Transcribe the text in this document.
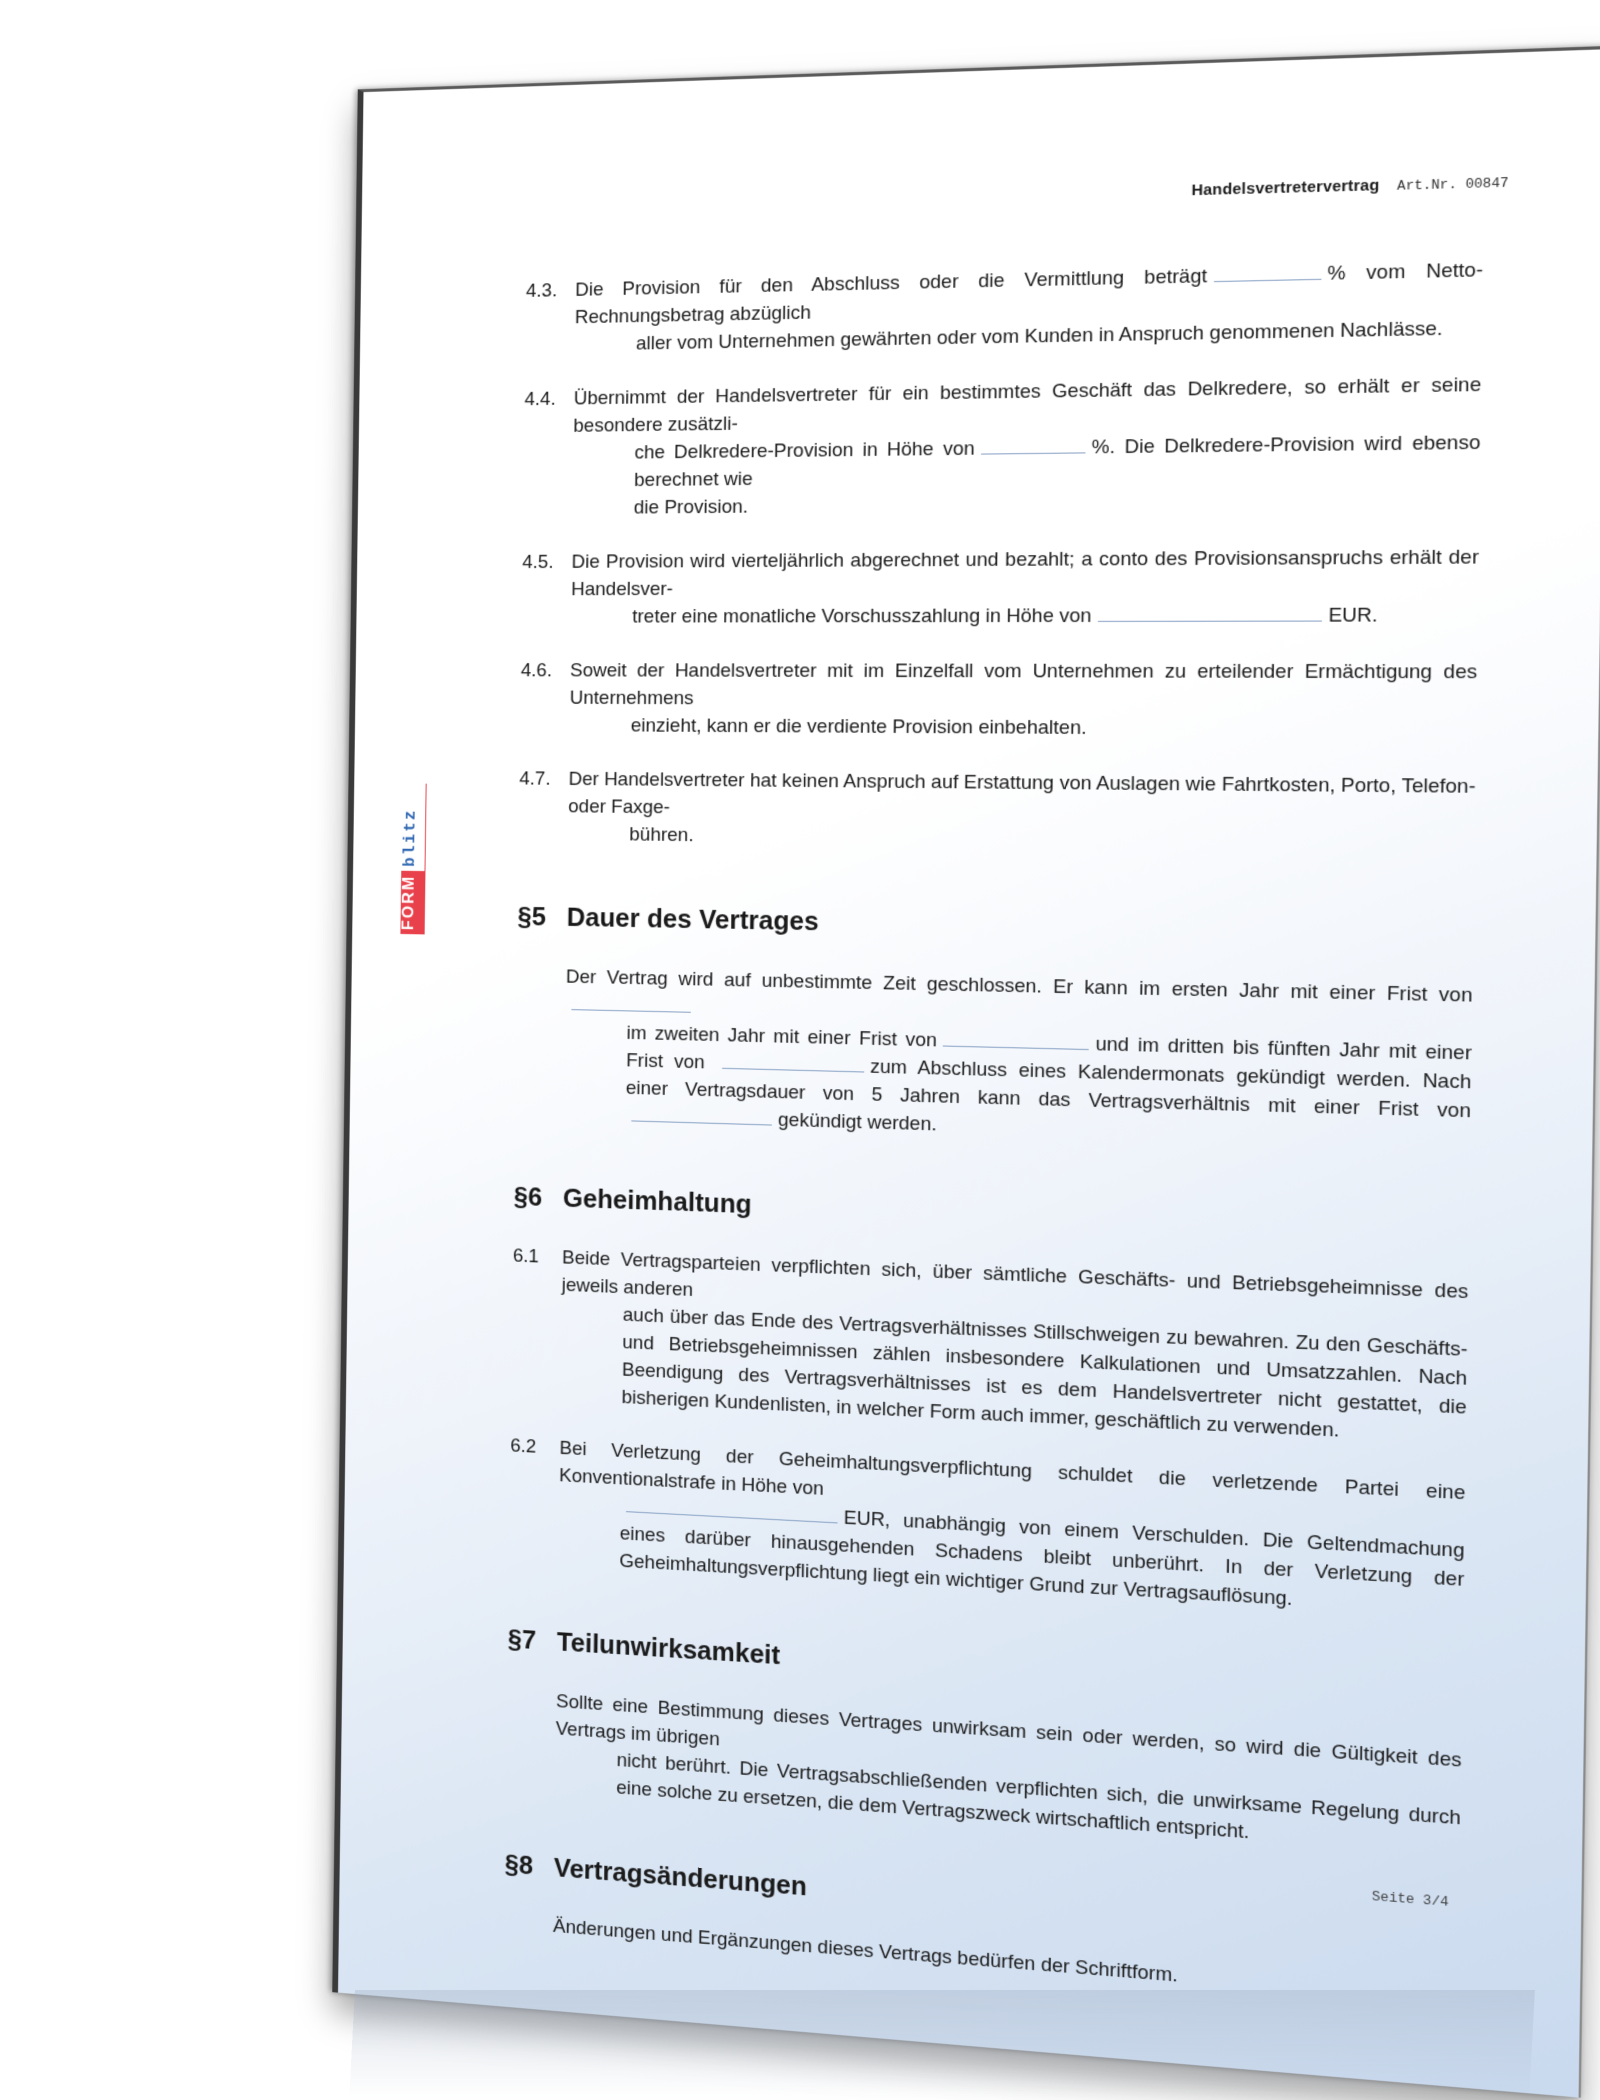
Handelsvertretervertrag Art.Nr. 00847
FORM
blitz
4.3. Die Provision für den Abschluss oder die Vermittlung beträgt	% vom Netto-Rechnungsbetrag abzüglich
aller vom Unternehmen gewährten oder vom Kunden in Anspruch genommenen Nachlässe.
4.4. Übernimmt der Handelsvertreter für ein bestimmtes Geschäft das Delkredere, so erhält er seine besondere zusätzli-
che Delkredere-Provision in Höhe von	%. Die Delkredere-Provision wird ebenso berechnet wie
die Provision.
4.5. Die Provision wird vierteljährlich abgerechnet und bezahlt; a conto des Provisionsanspruchs erhält der Handelsver-
treter eine monatliche Vorschusszahlung in Höhe von	EUR.
4.6. Soweit der Handelsvertreter mit im Einzelfall vom Unternehmen zu erteilender Ermächtigung des Unternehmens
einzieht, kann er die verdiente Provision einbehalten.
4.7. Der Handelsvertreter hat keinen Anspruch auf Erstattung von Auslagen wie Fahrtkosten, Porto, Telefon- oder Faxge-
bühren.
§5 Dauer des Vertrages
Der Vertrag wird auf unbestimmte Zeit geschlossen. Er kann im ersten Jahr mit einer Frist von
im zweiten Jahr mit einer Frist von	und im dritten bis fünften Jahr mit einer Frist von	zum Abschluss eines Kalendermonats gekündigt werden. Nach einer Vertragsdauer von 5 Jahren kann das Vertragsverhältnis mit einer Frist vongekündigt werden.
§6 Geheimhaltung
6.1	Beide Vertragsparteien verpflichten sich, über sämtliche Geschäfts- und Betriebsgeheimnisse des jeweils anderen
auch über das Ende des Vertragsverhältnisses Stillschweigen zu bewahren. Zu den Geschäfts- und Betriebsgeheimnissen zählen insbesondere Kalkulationen und Umsatzzahlen. Nach Beendigung des Vertragsverhältnisses ist es dem Handelsvertreter nicht gestattet, die bisherigen Kundenlisten, in welcher Form auch immer, geschäftlich zu verwenden.
6.2	Bei Verletzung der Geheimhaltungsverpflichtung schuldet die verletzende Partei eine Konventionalstrafe in Höhe von
EUR, unabhängig von einem Verschulden. Die Geltendmachung eines darüber hinausgehenden Schadens bleibt unberührt. In der Verletzung der Geheimhaltungsverpflichtung liegt ein wichtiger Grund zur Vertragsauflösung.
§7 Teilunwirksamkeit
Sollte eine Bestimmung dieses Vertrages unwirksam sein oder werden, so wird die Gültigkeit des Vertrags im übrigen
nicht berührt. Die Vertragsabschließenden verpflichten sich, die unwirksame Regelung durch eine solche zu ersetzen, die dem Vertragszweck wirtschaftlich entspricht.
§8 Vertragsänderungen
Änderungen und Ergänzungen dieses Vertrags bedürfen der Schriftform.
Seite 3/4
